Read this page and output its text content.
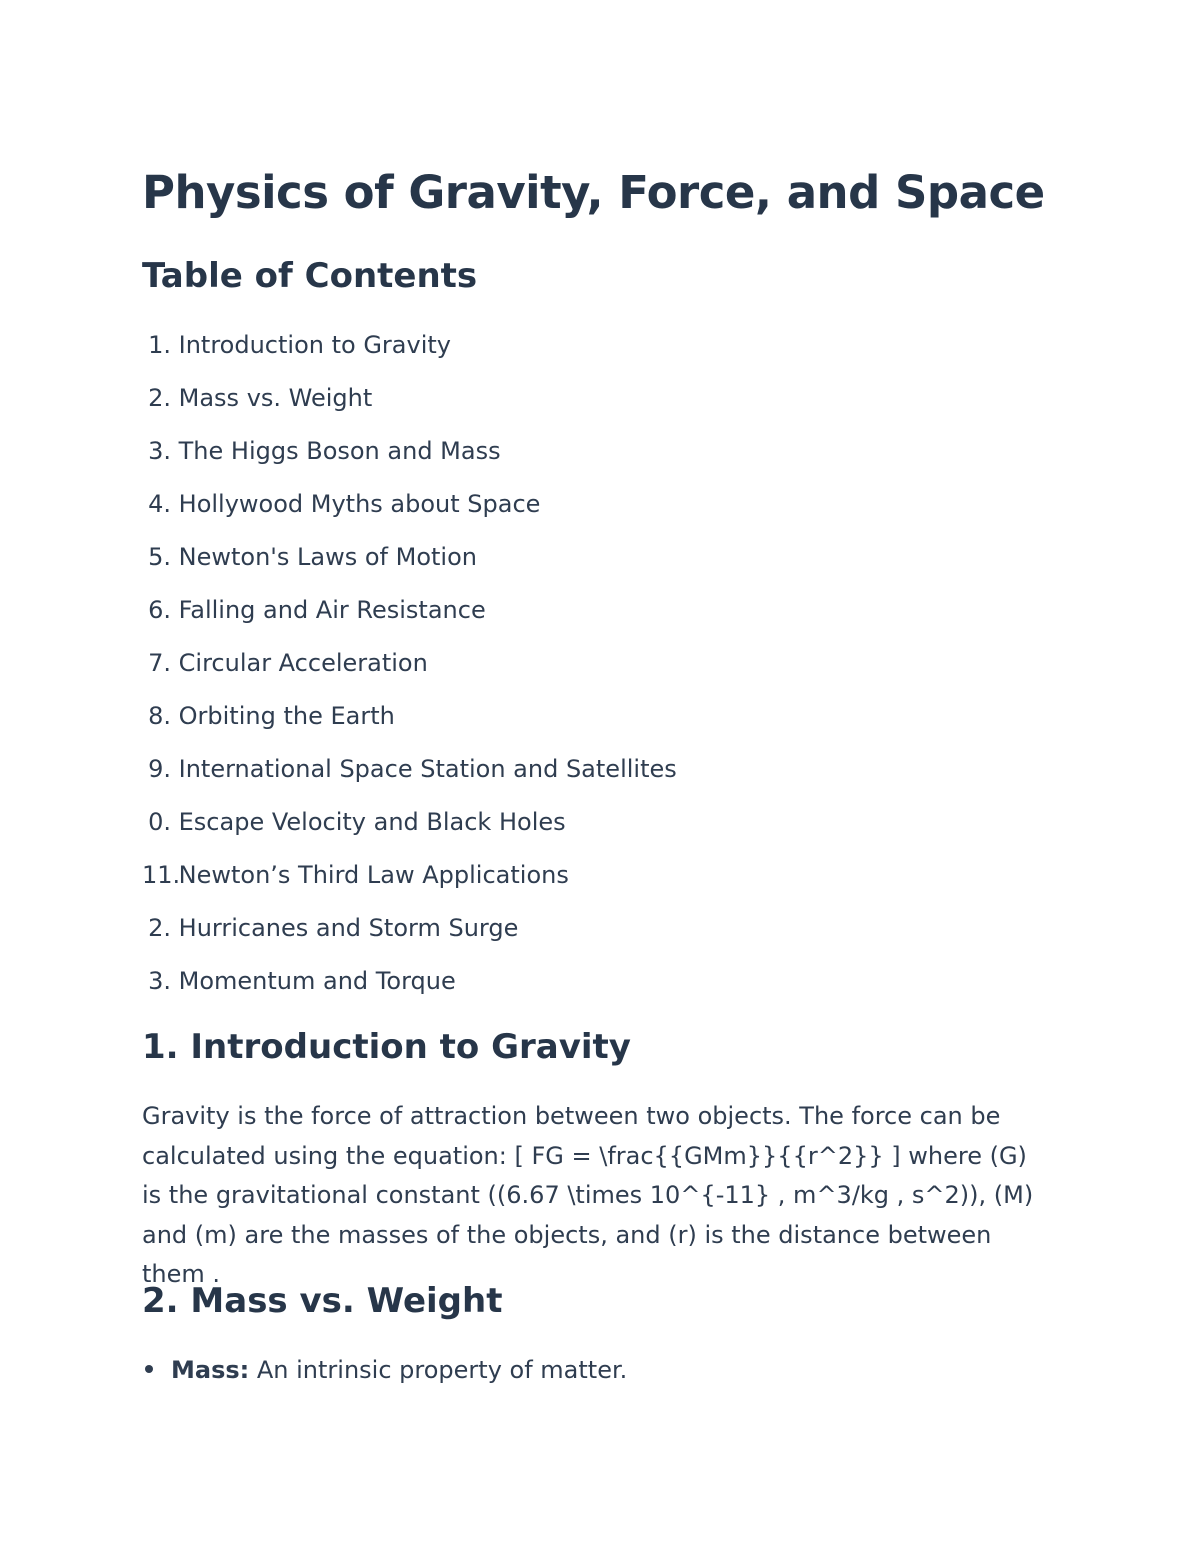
Physics of Gravity, Force, and Space
Table of Contents
1. Introduction to Gravity
2. Mass vs. Weight
3. The Higgs Boson and Mass
4. Hollywood Myths about Space
5. Newton's Laws of Motion
6. Falling and Air Resistance
7. Circular Acceleration
8. Orbiting the Earth
9. International Space Station and Satellites
0. Escape Velocity and Black Holes
11. Newton’s Third Law Applications
2. Hurricanes and Storm Surge
3. Momentum and Torque
1. Introduction to Gravity

Gravity is the force of attraction between two objects. The force can be calculated using the equation: [ FG = \frac{{GMm}}{{r^2}} ] where (G) is the gravitational constant ((6.67 \times 10^{-11} , m^3/kg , s^2)), (M) and (m) are the masses of the objects, and (r) is the distance between them .

2. Mass vs. Weight
Mass: An intrinsic property of matter.
